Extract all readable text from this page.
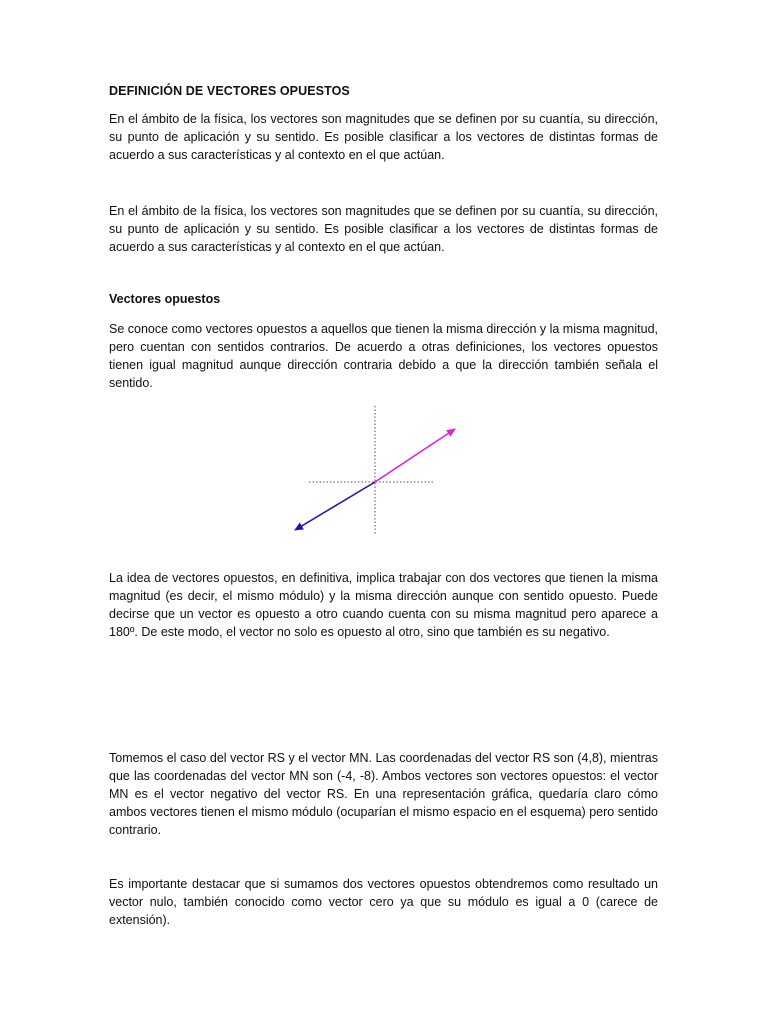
DEFINICIÓN DE VECTORES OPUESTOS

En el ámbito de la física, los vectores son magnitudes que se definen por su cuantía, su dirección, su punto de aplicación y su sentido. Es posible clasificar a los vectores de distintas formas de acuerdo a sus características y al contexto en el que actúan.

En el ámbito de la física, los vectores son magnitudes que se definen por su cuantía, su dirección, su punto de aplicación y su sentido. Es posible clasificar a los vectores de distintas formas de acuerdo a sus características y al contexto en el que actúan.

Vectores opuestos

Se conoce como vectores opuestos a aquellos que tienen la misma dirección y la misma magnitud, pero cuentan con sentidos contrarios. De acuerdo a otras definiciones, los vectores opuestos tienen igual magnitud aunque dirección contraria debido a que la dirección también señala el sentido.

La idea de vectores opuestos, en definitiva, implica trabajar con dos vectores que tienen la misma magnitud (es decir, el mismo módulo) y la misma dirección aunque con sentido opuesto. Puede decirse que un vector es opuesto a otro cuando cuenta con su misma magnitud pero aparece a 180º. De este modo, el vector no solo es opuesto al otro, sino que también es su negativo.

Tomemos el caso del vector RS y el vector MN. Las coordenadas del vector RS son (4,8), mientras que las coordenadas del vector MN son (-4, -8). Ambos vectores son vectores opuestos: el vector MN es el vector negativo del vector RS. En una representación gráfica, quedaría claro cómo ambos vectores tienen el mismo módulo (ocuparían el mismo espacio en el esquema) pero sentido contrario.

Es importante destacar que si sumamos dos vectores opuestos obtendremos como resultado un vector nulo, también conocido como vector cero ya que su módulo es igual a 0 (carece de extensión).
